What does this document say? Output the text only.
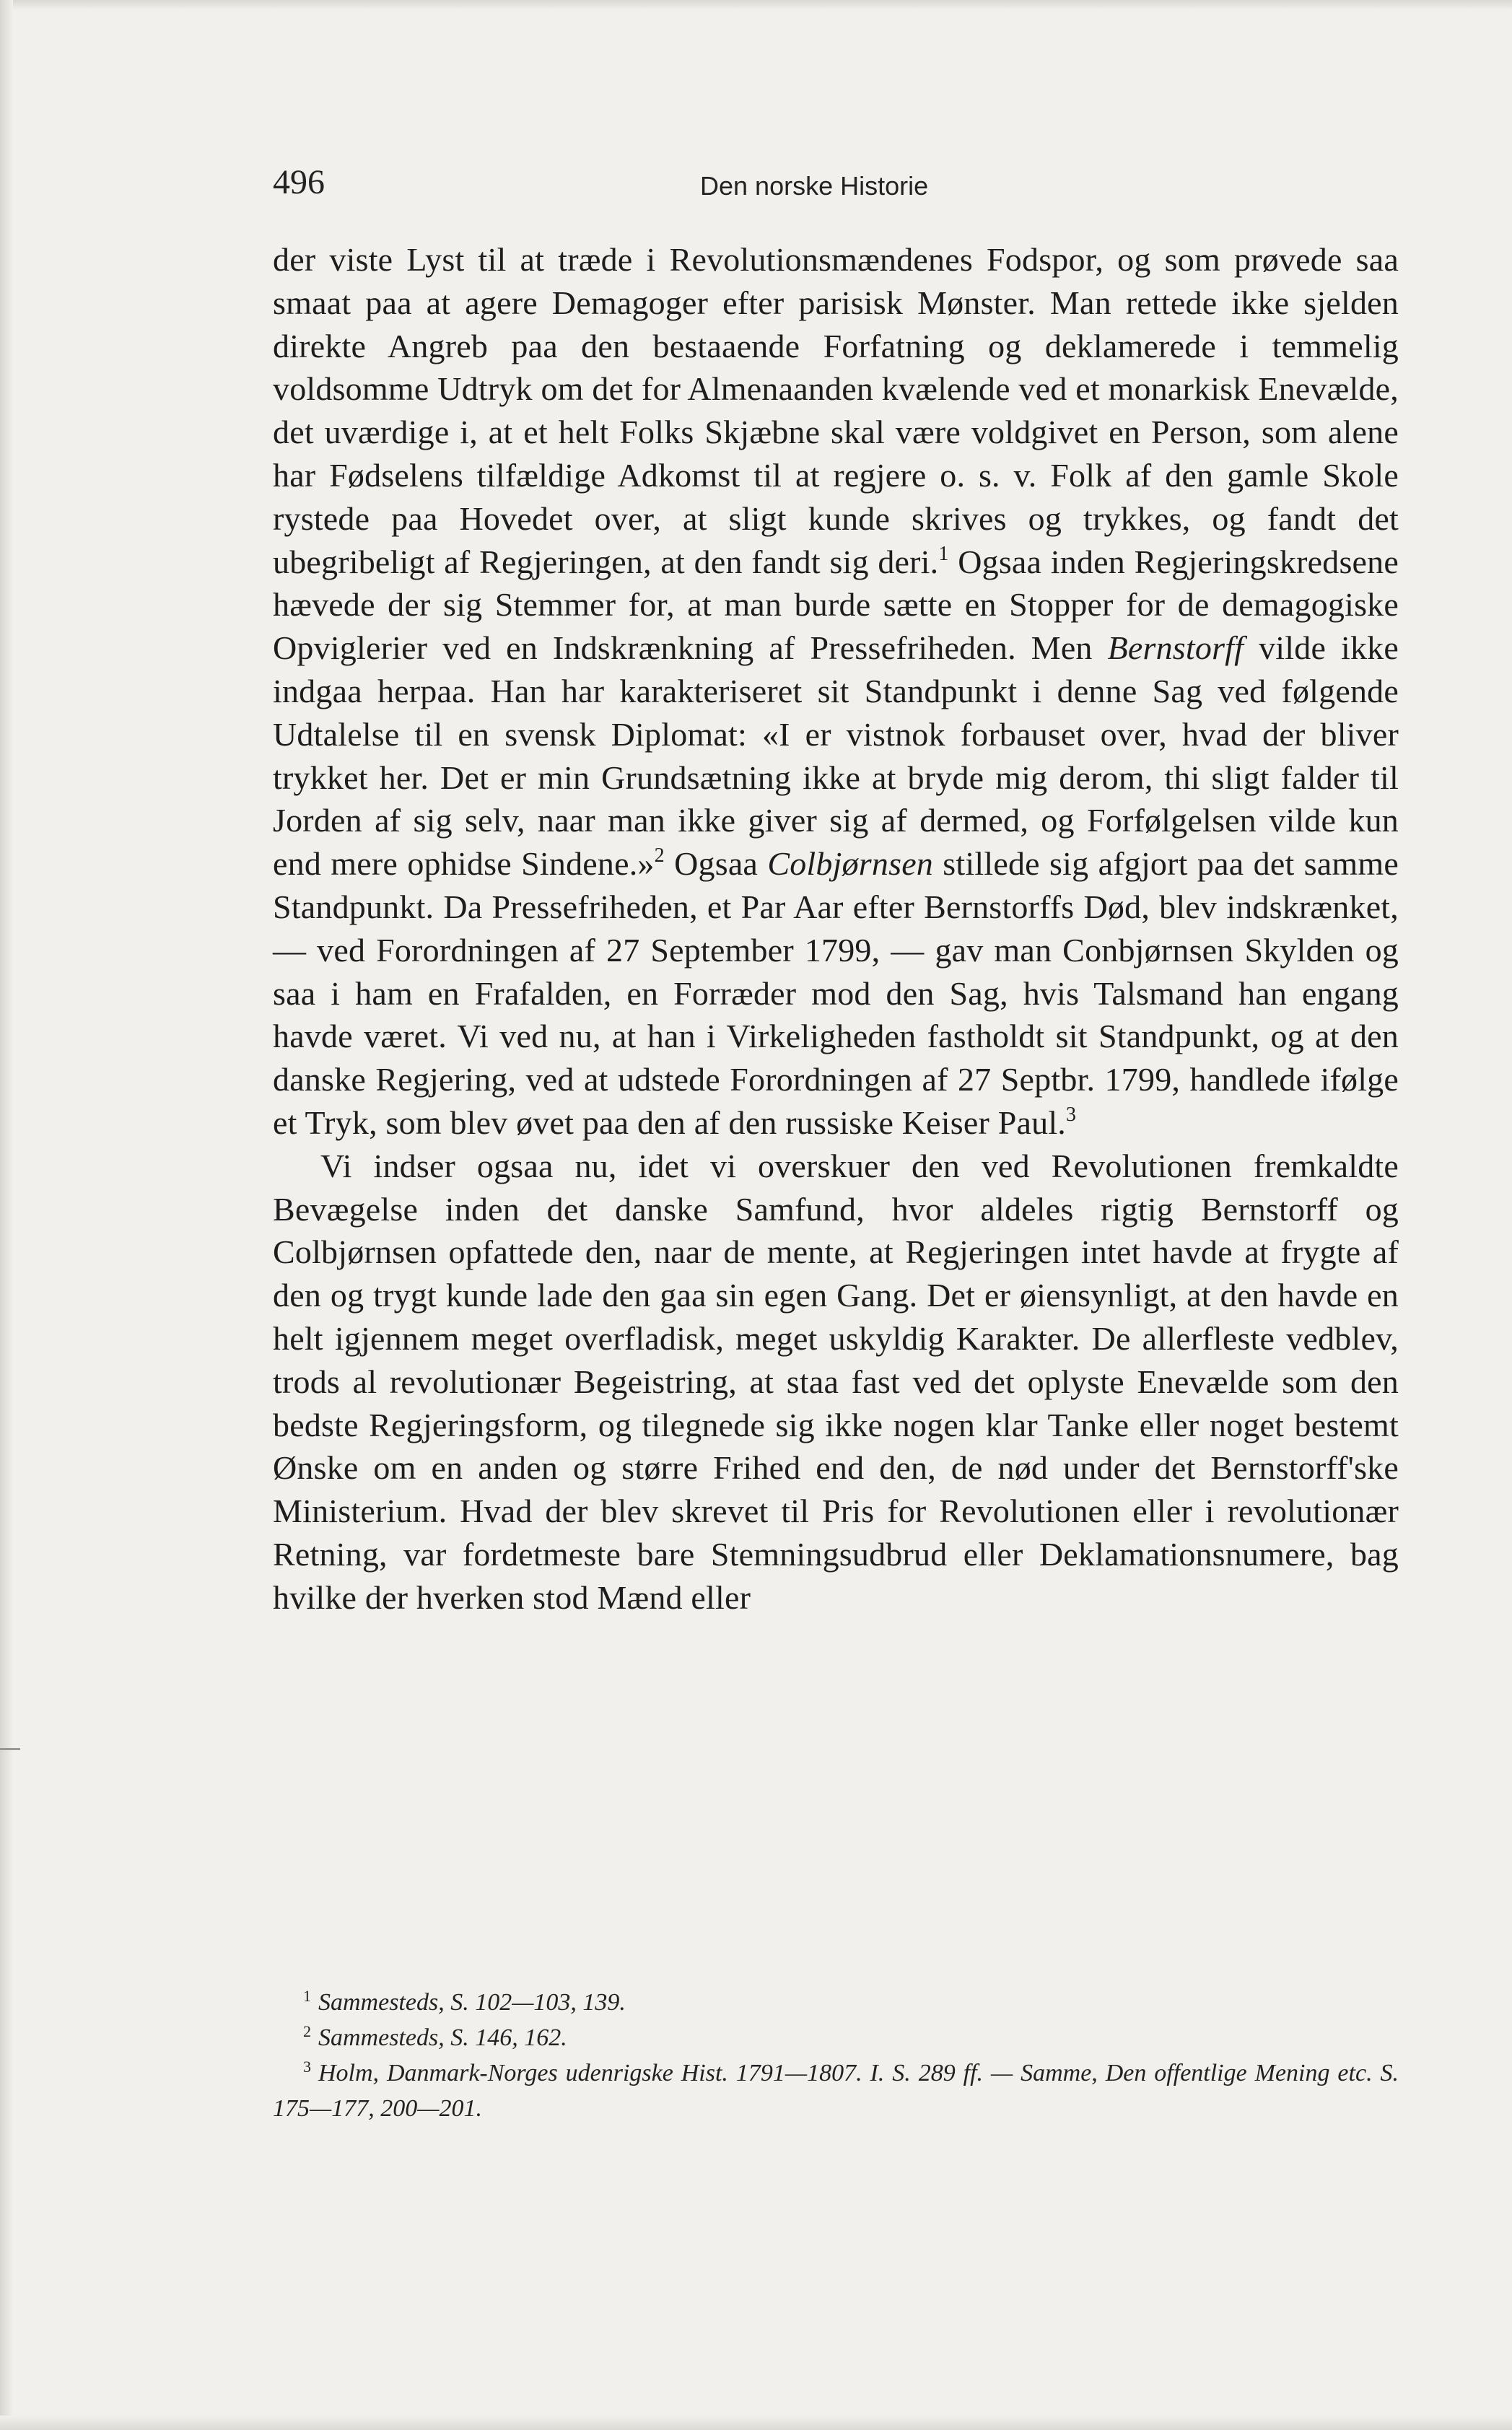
496	Den norske Historie

der viste Lyst til at træde i Revolutionsmændenes Fodspor, og som prøvede saa smaat paa at agere Demagoger efter parisisk Mønster. Man rettede ikke sjelden direkte Angreb paa den bestaaende Forfatning og deklamerede i temmelig voldsomme Udtryk om det for Almenaanden kvælende ved et monarkisk Enevælde, det uværdige i, at et helt Folks Skjæbne skal være voldgivet en Person, som alene har Fødselens tilfældige Adkomst til at regjere o. s. v. Folk af den gamle Skole rystede paa Hovedet over, at sligt kunde skrives og trykkes, og fandt det ubegribeligt af Regjeringen, at den fandt sig deri.$^1$ Ogsaa inden Regjeringskredsene hævede der sig Stemmer for, at man burde sætte en Stopper for de demagogiske Opviglerier ved en Indskrænkning af Pressefriheden. Men Bernstorff vilde ikke indgaa herpaa. Han har karakteriseret sit Standpunkt i denne Sag ved følgende Udtalelse til en svensk Diplomat: «I er vistnok forbauset over, hvad der bliver trykket her. Det er min Grundsætning ikke at bryde mig derom, thi sligt falder til Jorden af sig selv, naar man ikke giver sig af dermed, og Forfølgelsen vilde kun end mere ophidse Sindene.»$^2$ Ogsaa Colbjørnsen stillede sig afgjort paa det samme Standpunkt. Da Pressefriheden, et Par Aar efter Bernstorffs Død, blev indskrænket, — ved Forordningen af 27 September 1799, — gav man Conbjørnsen Skylden og saa i ham en Frafalden, en Forræder mod den Sag, hvis Talsmand han engang havde været. Vi ved nu, at han i Virkeligheden fastholdt sit Standpunkt, og at den danske Regjering, ved at udstede Forordningen af 27 Septbr. 1799, handlede ifølge et Tryk, som blev øvet paa den af den russiske Keiser Paul.$^3$

Vi indser ogsaa nu, idet vi overskuer den ved Revolutionen fremkaldte Bevægelse inden det danske Samfund, hvor aldeles rigtig Bernstorff og Colbjørnsen opfattede den, naar de mente, at Regjeringen intet havde at frygte af den og trygt kunde lade den gaa sin egen Gang. Det er øiensynligt, at den havde en helt igjennem meget overfladisk, meget uskyldig Karakter. De allerfleste vedblev, trods al revolutionær Begeistring, at staa fast ved det oplyste Enevælde som den bedste Regjeringsform, og tilegnede sig ikke nogen klar Tanke eller noget bestemt Ønske om en anden og større Frihed end den, de nød under det Bernstorff'ske Ministerium. Hvad der blev skrevet til Pris for Revolutionen eller i revolutionær Retning, var fordetmeste bare Stemningsudbrud eller Deklamationsnumere, bag hvilke der hverken stod Mænd eller

$^1$ Sammesteds, S. 102—103, 139.

$^2$ Sammesteds, S. 146, 162.

$^3$ Holm, Danmark-Norges udenrigske Hist. 1791—1807. I. S. 289 ff. — Samme, Den offentlige Mening etc. S. 175—177, 200—201.
